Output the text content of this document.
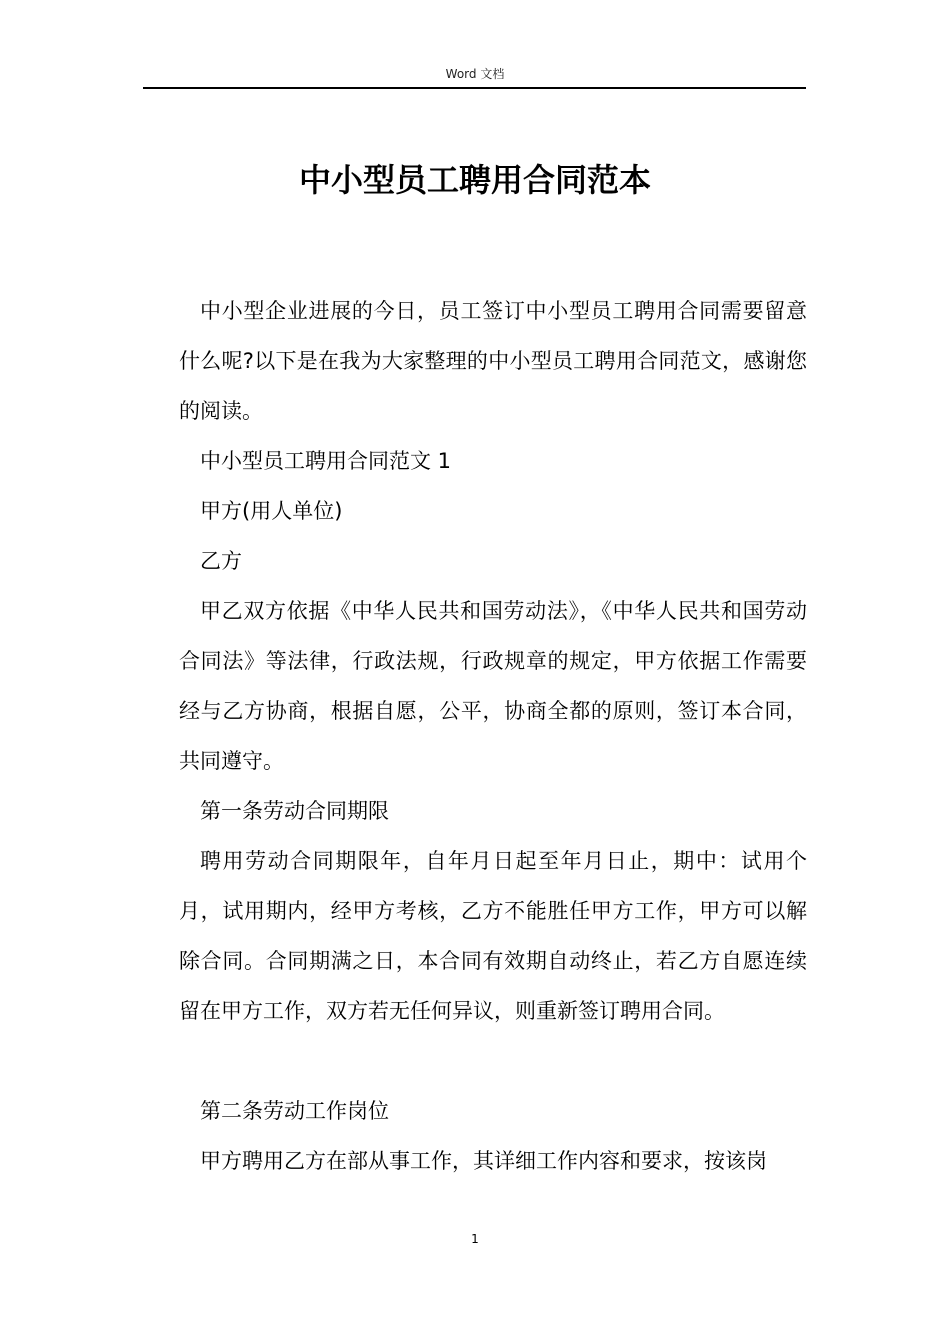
Word 文档
中小型员工聘用合同范本

中小型企业进展的今日，员工签订中小型员工聘用合同需要留意什么呢?以下是在我为大家整理的中小型员工聘用合同范文，感谢您的阅读。

中小型员工聘用合同范文 1

甲方(用人单位)

乙方

甲乙双方依据《中华人民共和国劳动法》，《中华人民共和国劳动合同法》等法律，行政法规，行政规章的规定，甲方依据工作需要经与乙方协商，根据自愿，公平，协商全都的原则，签订本合同，共同遵守。

第一条劳动合同期限

聘用劳动合同期限年，自年月日起至年月日止，期中：试用个月，试用期内，经甲方考核，乙方不能胜任甲方工作，甲方可以解除合同。合同期满之日，本合同有效期自动终止，若乙方自愿连续留在甲方工作，双方若无任何异议，则重新签订聘用合同。

第二条劳动工作岗位

甲方聘用乙方在部从事工作，其详细工作内容和要求，按该岗

1
